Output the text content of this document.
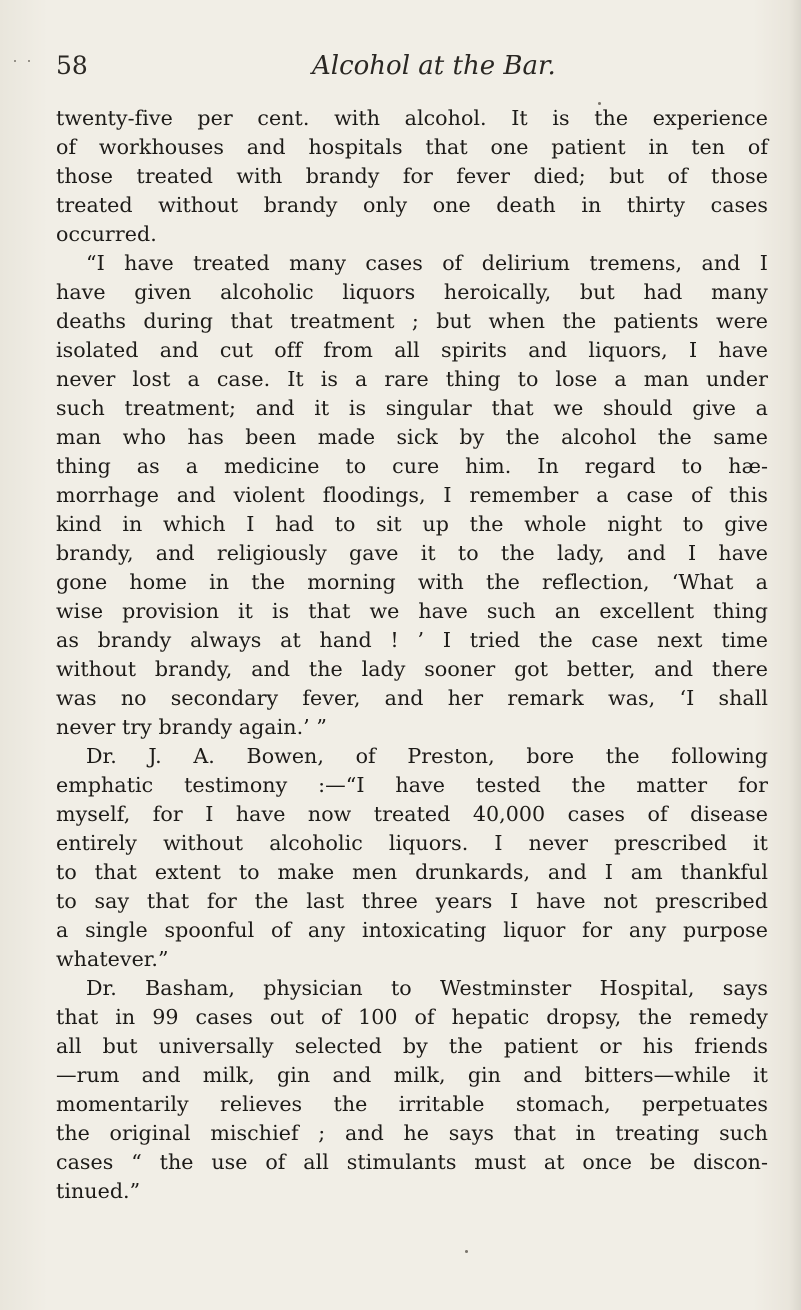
58	Alcohol at the Bar.
twenty-five per cent. with alcohol. It is the experience
of workhouses and hospitals that one patient in ten of
those treated with brandy for fever died; but of those
treated without brandy only one death in thirty cases
occurred.
“I have treated many cases of delirium tremens, and I
have given alcoholic liquors heroically, but had many
deaths during that treatment ; but when the patients were
isolated and cut off from all spirits and liquors, I have
never lost a case. It is a rare thing to lose a man under
such treatment; and it is singular that we should give a
man who has been made sick by the alcohol the same
thing as a medicine to cure him. In regard to hæ-
morrhage and violent floodings, I remember a case of this
kind in which I had to sit up the whole night to give
brandy, and religiously gave it to the lady, and I have
gone home in the morning with the reflection, ‘What a
wise provision it is that we have such an excellent thing
as brandy always at hand ! ’ I tried the case next time
without brandy, and the lady sooner got better, and there
was no secondary fever, and her remark was, ‘I shall
never try brandy again.’ ”
Dr. J. A. Bowen, of Preston, bore the following
emphatic testimony :—“I have tested the matter for
myself, for I have now treated 40,000 cases of disease
entirely without alcoholic liquors. I never prescribed it
to that extent to make men drunkards, and I am thankful
to say that for the last three years I have not prescribed
a single spoonful of any intoxicating liquor for any purpose
whatever.”
Dr. Basham, physician to Westminster Hospital, says
that in 99 cases out of 100 of hepatic dropsy, the remedy
all but universally selected by the patient or his friends
—rum and milk, gin and milk, gin and bitters—while it
momentarily relieves the irritable stomach, perpetuates
the original mischief ; and he says that in treating such
cases “ the use of all stimulants must at once be discon-
tinued.”
